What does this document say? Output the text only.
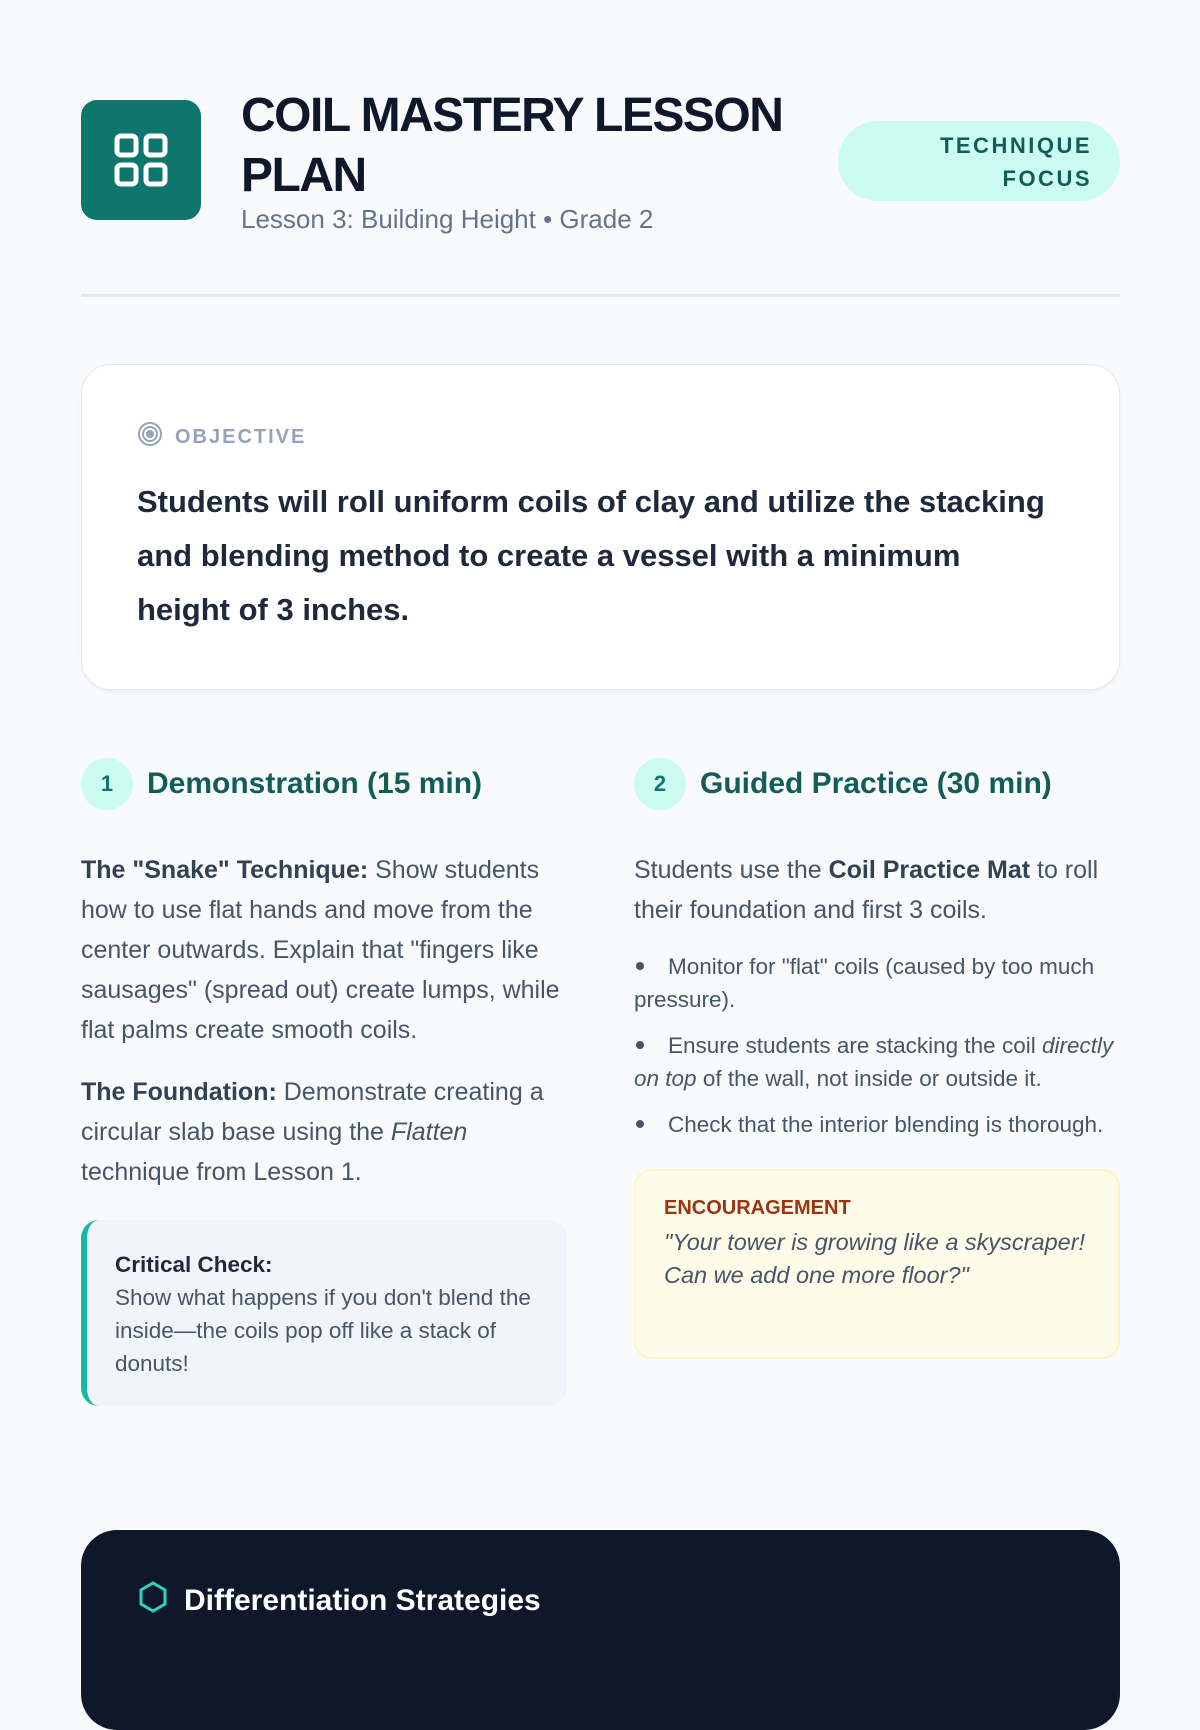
COIL MASTERY LESSON PLAN
Lesson 3: Building Height • Grade 2
TECHNIQUE FOCUS
OBJECTIVE
Students will roll uniform coils of clay and utilize the stacking and blending method to create a vessel with a minimum height of 3 inches.
1	Demonstration (15 min)

The "Snake" Technique: Show students how to use flat hands and move from the center outwards. Explain that "fingers like sausages" (spread out) create lumps, while flat palms create smooth coils.

The Foundation: Demonstrate creating a circular slab base using the Flatten technique from Lesson 1.

Critical Check:
Show what happens if you don't blend the inside—the coils pop off like a stack of donuts!
2	Guided Practice (30 min)

Students use the Coil Practice Mat to roll their foundation and first 3 coils.

Monitor for "flat" coils (caused by too much pressure).
Ensure students are stacking the coil directly on top of the wall, not inside or outside it.
Check that the interior blending is thorough.
ENCOURAGEMENT
"Your tower is growing like a skyscraper! Can we add one more floor?"
Differentiation Strategies
